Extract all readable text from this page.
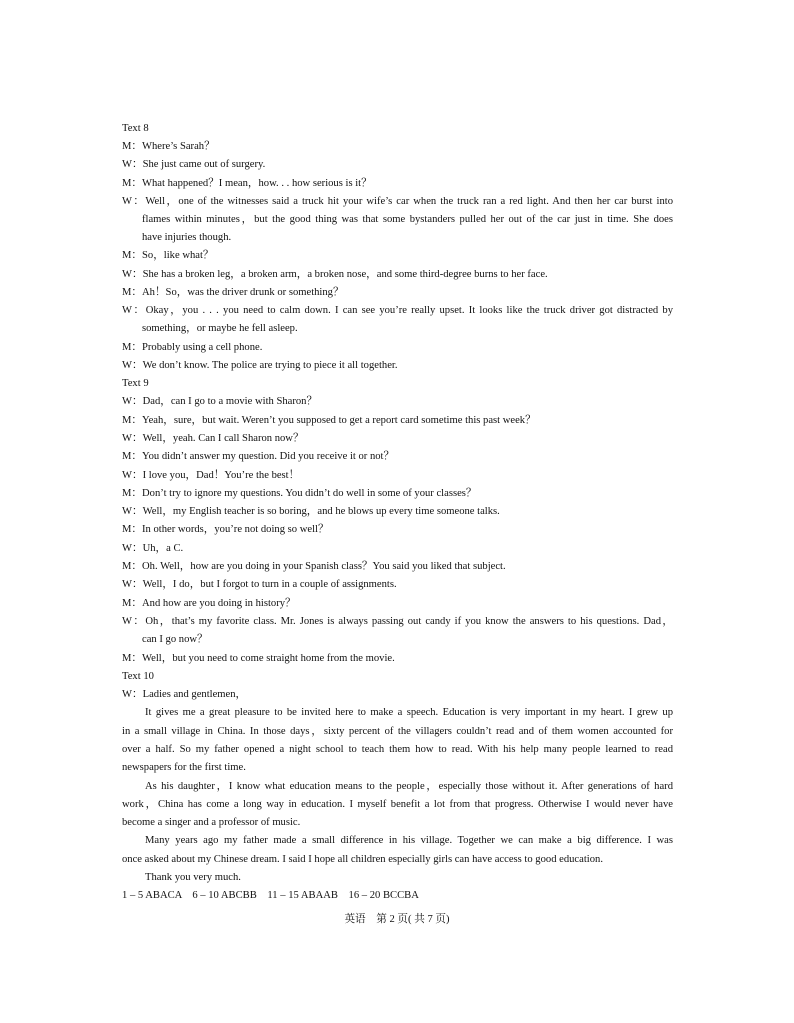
Text 8
M：Where’s Sarah？
W：She just came out of surgery.
M：What happened？I mean，how. . . how serious is it？
W：Well，one of the witnesses said a truck hit your wife’s car when the truck ran a red light. And then her car burst into
flames within minutes，but the good thing was that some bystanders pulled her out of the car just in time. She does
have injuries though.
M：So，like what？
W：She has a broken leg，a broken arm，a broken nose，and some third-degree burns to her face.
M：Ah！So，was the driver drunk or something？
W：Okay，you . . . you need to calm down. I can see you’re really upset. It looks like the truck driver got distracted by
something，or maybe he fell asleep.
M：Probably using a cell phone.
W：We don’t know. The police are trying to piece it all together.
Text 9
W：Dad，can I go to a movie with Sharon？
M：Yeah，sure，but wait. Weren’t you supposed to get a report card sometime this past week？
W：Well，yeah. Can I call Sharon now？
M：You didn’t answer my question. Did you receive it or not？
W：I love you，Dad！You’re the best！
M：Don’t try to ignore my questions. You didn’t do well in some of your classes？
W：Well，my English teacher is so boring，and he blows up every time someone talks.
M：In other words，you’re not doing so well？
W：Uh，a C.
M：Oh. Well，how are you doing in your Spanish class？You said you liked that subject.
W：Well，I do，but I forgot to turn in a couple of assignments.
M：And how are you doing in history？
W：Oh，that’s my favorite class. Mr. Jones is always passing out candy if you know the answers to his questions. Dad，
can I go now？
M：Well，but you need to come straight home from the movie.
Text 10
W：Ladies and gentlemen，
It gives me a great pleasure to be invited here to make a speech. Education is very important in my heart. I grew up
in a small village in China. In those days，sixty percent of the villagers couldn’t read and of them women accounted for
over a half. So my father opened a night school to teach them how to read. With his help many people learned to read
newspapers for the first time.
As his daughter，I know what education means to the people，especially those without it. After generations of hard
work，China has come a long way in education. I myself benefit a lot from that progress. Otherwise I would never have
become a singer and a professor of music.
Many years ago my father made a small difference in his village. Together we can make a big difference. I was
once asked about my Chinese dream. I said I hope all children especially girls can have access to good education.
Thank you very much.
1 – 5 ABACA　6 – 10 ABCBB　11 – 15 ABAAB　16 – 20 BCCBA
英语　第 2 页( 共 7 页)
